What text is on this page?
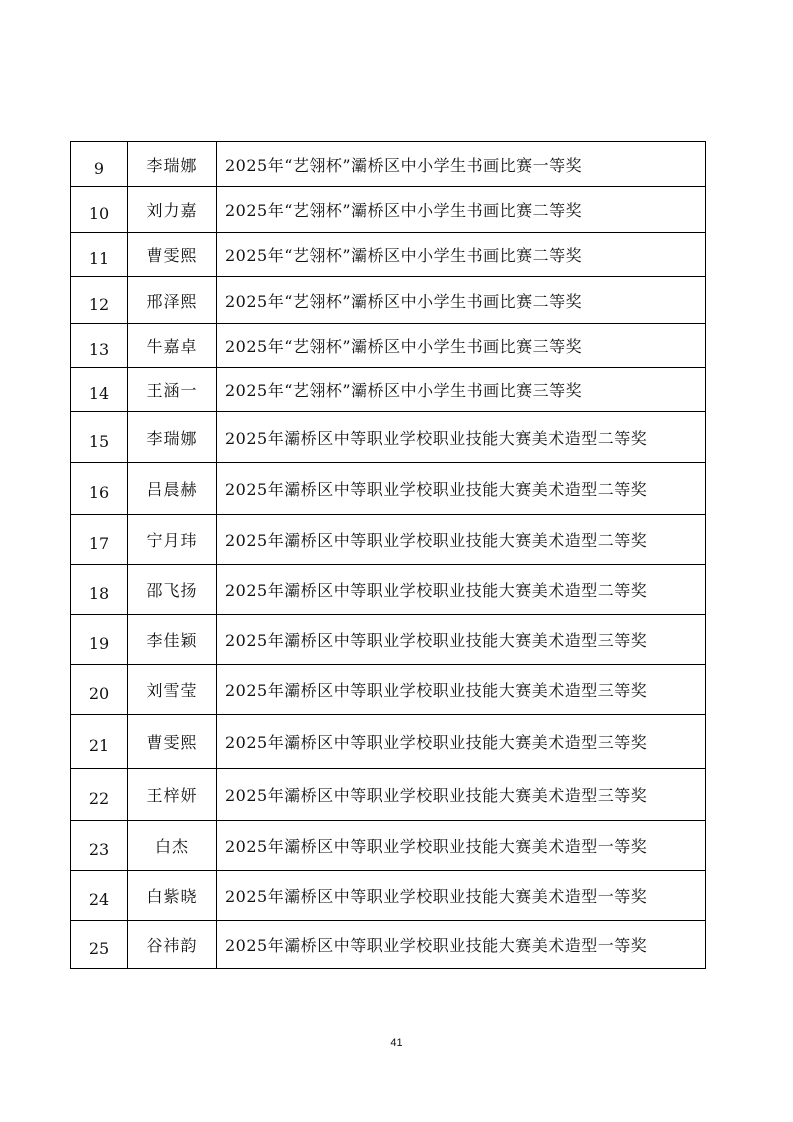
9	李瑞娜	2025年“艺翎杯”灞桥区中小学生书画比赛一等奖
10	刘力嘉	2025年“艺翎杯”灞桥区中小学生书画比赛二等奖
11	曹雯熙	2025年“艺翎杯”灞桥区中小学生书画比赛二等奖
12	邢泽熙	2025年“艺翎杯”灞桥区中小学生书画比赛二等奖
13	牛嘉卓	2025年“艺翎杯”灞桥区中小学生书画比赛三等奖
14	王涵一	2025年“艺翎杯”灞桥区中小学生书画比赛三等奖
15	李瑞娜	2025年灞桥区中等职业学校职业技能大赛美术造型二等奖
16	吕晨赫	2025年灞桥区中等职业学校职业技能大赛美术造型二等奖
17	宁月玮	2025年灞桥区中等职业学校职业技能大赛美术造型二等奖
18	邵飞扬	2025年灞桥区中等职业学校职业技能大赛美术造型二等奖
19	李佳颖	2025年灞桥区中等职业学校职业技能大赛美术造型三等奖
20	刘雪莹	2025年灞桥区中等职业学校职业技能大赛美术造型三等奖
21	曹雯熙	2025年灞桥区中等职业学校职业技能大赛美术造型三等奖
22	王梓妍	2025年灞桥区中等职业学校职业技能大赛美术造型三等奖
23	白杰	2025年灞桥区中等职业学校职业技能大赛美术造型一等奖
24	白紫晓	2025年灞桥区中等职业学校职业技能大赛美术造型一等奖
25	谷祎韵	2025年灞桥区中等职业学校职业技能大赛美术造型一等奖
41
